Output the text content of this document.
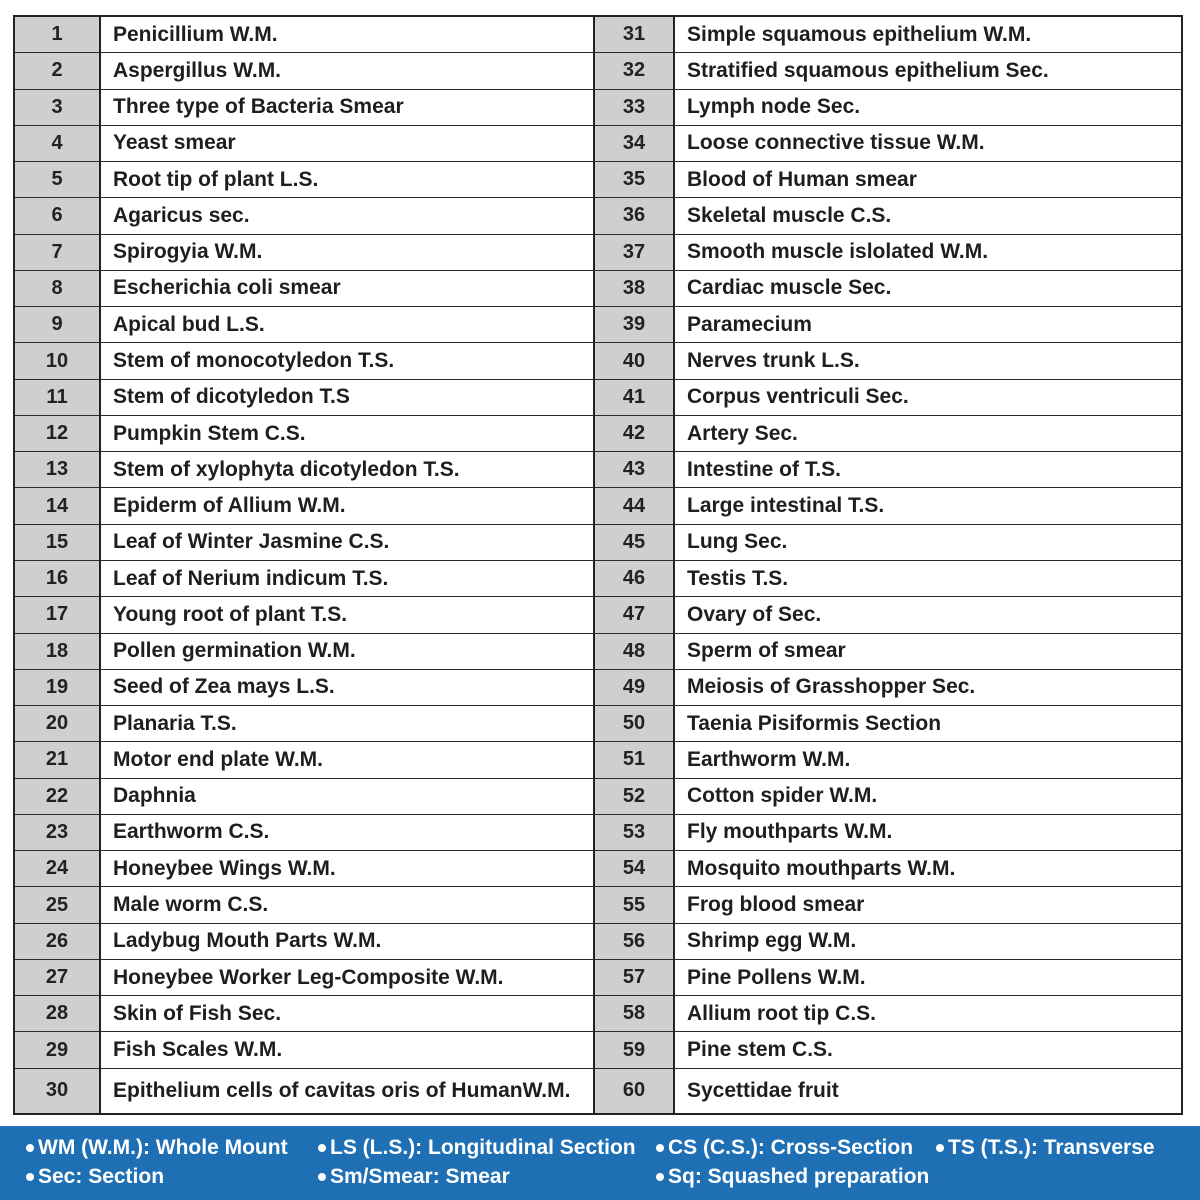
1	Penicillium W.M.
2	Aspergillus W.M.
3	Three type of Bacteria Smear
4	Yeast smear
5	Root tip of plant L.S.
6	Agaricus sec.
7	Spirogyia W.M.
8	Escherichia coli smear
9	Apical bud L.S.
10	Stem of monocotyledon T.S.
11	Stem of dicotyledon T.S
12	Pumpkin Stem C.S.
13	Stem of xylophyta dicotyledon T.S.
14	Epiderm of Allium W.M.
15	Leaf of Winter Jasmine C.S.
16	Leaf of Nerium indicum T.S.
17	Young root of plant T.S.
18	Pollen germination W.M.
19	Seed of Zea mays L.S.
20	Planaria T.S.
21	Motor end plate W.M.
22	Daphnia
23	Earthworm C.S.
24	Honeybee Wings W.M.
25	Male worm C.S.
26	Ladybug Mouth Parts W.M.
27	Honeybee Worker Leg-Composite W.M.
28	Skin of Fish Sec.
29	Fish Scales W.M.
30	Epithelium cells of cavitas oris of HumanW.M.
31	Simple squamous epithelium W.M.
32	Stratified squamous epithelium Sec.
33	Lymph node Sec.
34	Loose connective tissue W.M.
35	Blood of Human smear
36	Skeletal muscle C.S.
37	Smooth muscle islolated W.M.
38	Cardiac muscle Sec.
39	Paramecium
40	Nerves trunk L.S.
41	Corpus ventriculi Sec.
42	Artery Sec.
43	Intestine of T.S.
44	Large intestinal T.S.
45	Lung Sec.
46	Testis T.S.
47	Ovary of Sec.
48	Sperm of smear
49	Meiosis of Grasshopper Sec.
50	Taenia Pisiformis Section
51	Earthworm W.M.
52	Cotton spider W.M.
53	Fly mouthparts W.M.
54	Mosquito mouthparts W.M.
55	Frog blood smear
56	Shrimp egg W.M.
57	Pine Pollens W.M.
58	Allium root tip C.S.
59	Pine stem C.S.
60	Sycettidae fruit
WM (W.M.): Whole Mount LS (L.S.): Longitudinal Section CS (C.S.): Cross-Section TS (T.S.): Transverse
Sec: Section	Sm/Smear: Smear	Sq: Squashed preparation
